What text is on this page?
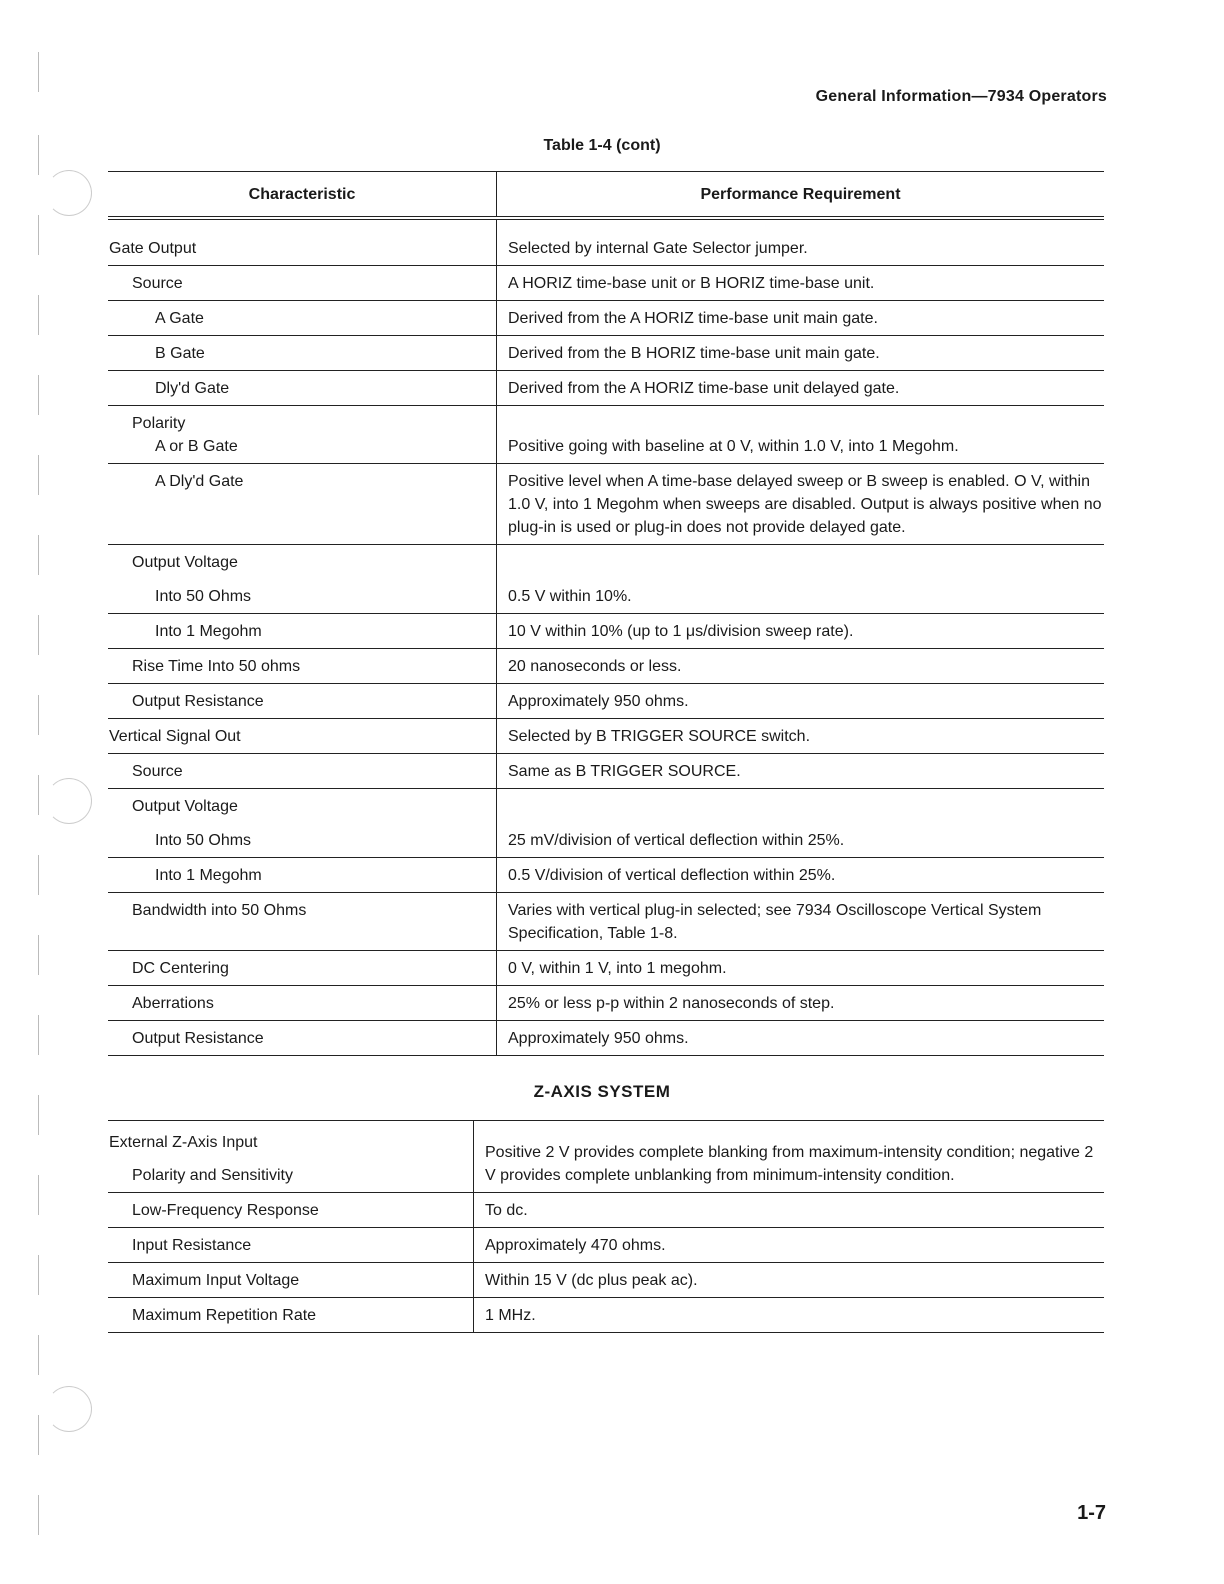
General Information—7934 Operators
Table 1-4 (cont)
Characteristic	Performance Requirement

Gate Output	Selected by internal Gate Selector jumper.
Source	A HORIZ time-base unit or B HORIZ time-base unit.
A Gate	Derived from the A HORIZ time-base unit main gate.
B Gate	Derived from the B HORIZ time-base unit main gate.
Dly'd Gate	Derived from the A HORIZ time-base unit delayed gate.

Polarity
A or B Gate	Positive going with baseline at 0 V, within 1.0 V, into 1 Megohm.
A Dly'd Gate	Positive level when A time-base delayed sweep or B sweep is enabled. O V, within 1.0 V, into 1 Megohm when sweeps are disabled. Output is always positive when no plug-in is used or plug-in does not provide delayed gate.
Output Voltage	
Into 50 Ohms	0.5 V within 10%.
Into 1 Megohm	10 V within 10% (up to 1 μs/division sweep rate).
Rise Time Into 50 ohms	20 nanoseconds or less.
Output Resistance	Approximately 950 ohms.
Vertical Signal Out	Selected by B TRIGGER SOURCE switch.
Source	Same as B TRIGGER SOURCE.
Output Voltage	
Into 50 Ohms	25 mV/division of vertical deflection within 25%.
Into 1 Megohm	0.5 V/division of vertical deflection within 25%.
Bandwidth into 50 Ohms	Varies with vertical plug-in selected; see 7934 Oscilloscope Vertical System Specification, Table 1-8.
DC Centering	0 V, within 1 V, into 1 megohm.
Aberrations	25% or less p-p within 2 nanoseconds of step.
Output Resistance	Approximately 950 ohms.
Z-AXIS SYSTEM
External Z-Axis Input
Polarity and Sensitivity	Positive 2 V provides complete blanking from maximum-intensity condition; negative 2 V provides complete unblanking from minimum-intensity condition.
Low-Frequency Response	To dc.
Input Resistance	Approximately 470 ohms.
Maximum Input Voltage	Within 15 V (dc plus peak ac).
Maximum Repetition Rate	1 MHz.
1-7
